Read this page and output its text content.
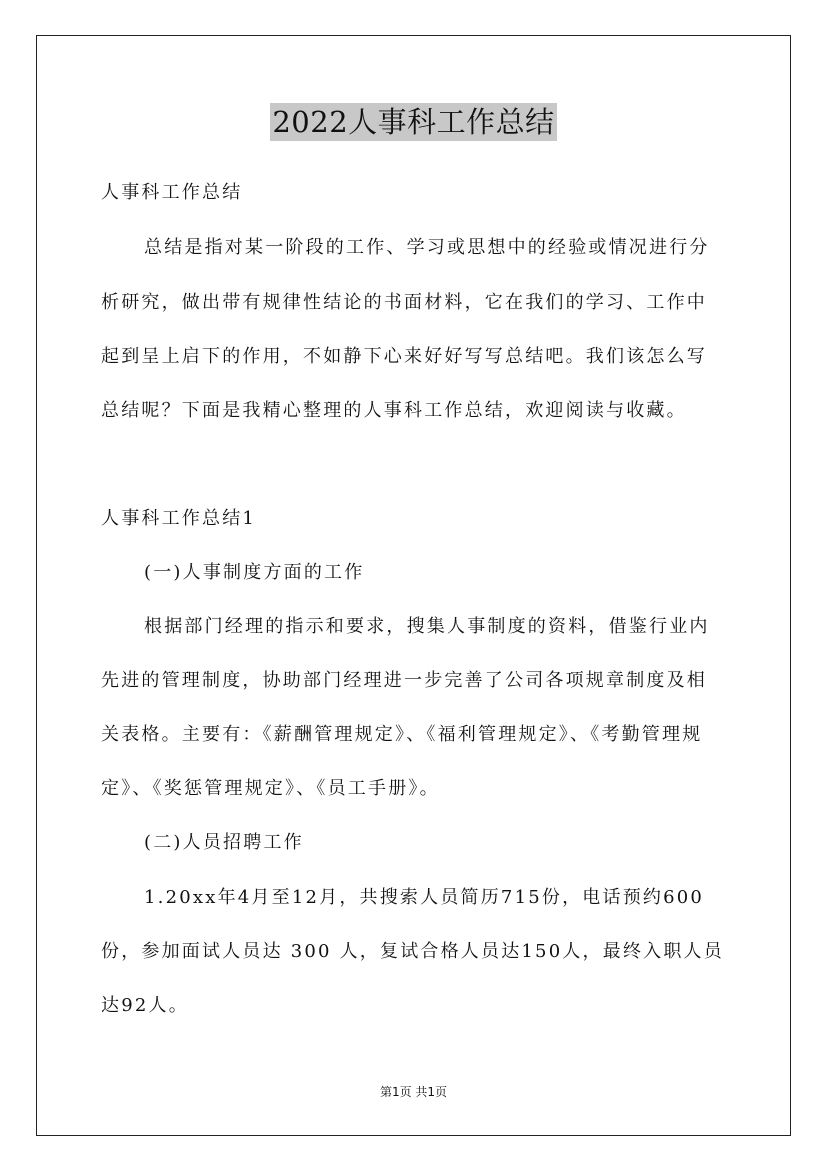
2022人事科工作总结
人事科工作总结
总结是指对某一阶段的工作、学习或思想中的经验或情况进行分
析研究，做出带有规律性结论的书面材料，它在我们的学习、工作中
起到呈上启下的作用，不如静下心来好好写写总结吧。我们该怎么写
总结呢？下面是我精心整理的人事科工作总结，欢迎阅读与收藏。
人事科工作总结1
(一)人事制度方面的工作
根据部门经理的指示和要求，搜集人事制度的资料，借鉴行业内
先进的管理制度，协助部门经理进一步完善了公司各项规章制度及相
关表格。主要有：《薪酬管理规定》、《福利管理规定》、《考勤管理规
定》、《奖惩管理规定》、《员工手册》。
(二)人员招聘工作
1.20xx年4月至12月，共搜索人员简历715份，电话预约600
份，参加面试人员达 300 人，复试合格人员达150人，最终入职人员
达92人。
第1页 共1页
